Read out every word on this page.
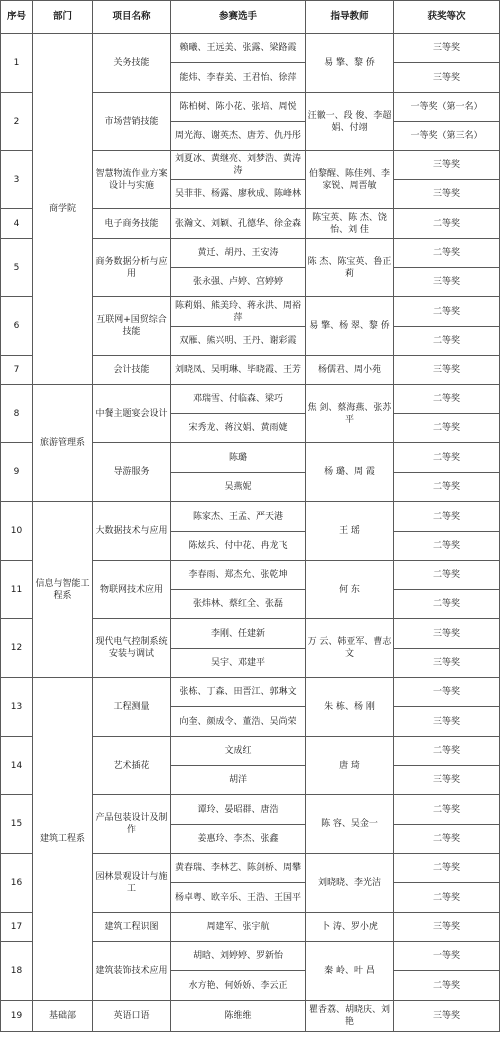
序号	部门	项目名称	参赛选手	指导教师	获奖等次
1	商学院	关务技能	赖曦、王远美、张露、梁路霞	易 擎、黎 侨	三等奖
			能炜、李春美、王君怡、徐萍		三等奖
2		市场营销技能	陈柏树、陈小花、张培、周悦	汪徽一、段 俊、李超娟、付翊	一等奖（第一名）
			周光海、谢英杰、唐芳、仇丹彤		一等奖（第三名）
3		智慧物流作业方案设计与实施	刘夏冰、黄继亮、刘梦浩、黄涛涛	伯黎醒、陈佳列、李家锐、周晋敏	三等奖
			吴菲菲、杨露、廖秋成、陈峰林		三等奖
4		电子商务技能	张瀚文、刘颖、孔德华、徐金森	陈宝英、陈 杰、饶 怡、刘 佳	二等奖
5		商务数据分析与应用	黄迁、胡丹、王安涛	陈 杰、陈宝英、鲁正莉	二等奖
			张永强、卢婷、宫婷婷		三等奖
6		互联网+国贸综合技能	陈莉娟、熊美玲、蒋永洪、周裕萍	易 擎、杨 翠、黎 侨	二等奖
			双雁、熊兴明、王丹、谢彩霞		二等奖
7		会计技能	刘晓凤、吴明琳、毕晓霞、王芳	杨儒君、周小苑	三等奖
8	旅游管理系	中餐主题宴会设计	邓瑞雪、付临森、梁巧	焦 剑、蔡海燕、张苏平	二等奖
			宋秀龙、蒋汶娟、黄雨婕		二等奖
9		导游服务	陈璐	杨 璐、周 霞	二等奖
			吴燕妮		二等奖
10	信息与智能工程系	大数据技术与应用	陈家杰、王孟、严天港	王 瑶	二等奖
			陈炫兵、付中花、冉龙飞		二等奖
11		物联网技术应用	李春雨、郑杰允、张乾坤	何 东	二等奖
			张炜林、蔡红全、张磊		二等奖
12		现代电气控制系统安装与调试	李刚、任建新	万 云、韩亚军、曹志文	三等奖
			吴宇、邓建平		三等奖
13	建筑工程系	工程测量	张栋、丁森、田晋江、郭琳文	朱 栋、杨 刚	一等奖
			向奎、颜成令、董浩、吴尚荣		三等奖
14		艺术插花	文成红	唐 琦	二等奖
			胡洋		三等奖
15		产品包装设计及制作	谭玲、晏昭群、唐浩	陈 容、吴金一	二等奖
			姜惠玲、李杰、张鑫		二等奖
16		园林景观设计与施工	黄春瑞、李林艺、陈剑桥、周攀	刘晓晓、李光洁	二等奖
			杨卓粤、欧辛乐、王浩、王国平		二等奖
17		建筑工程识图	周建军、张宇航	卜 涛、罗小虎	三等奖
18		建筑装饰技术应用	胡晗、刘婷婷、罗新怡	秦 岭、叶 昌	一等奖
			水方艳、何娇娇、李云正		二等奖
19	基础部	英语口语	陈维维	瞿香荔、胡晓庆、刘 艳	三等奖
